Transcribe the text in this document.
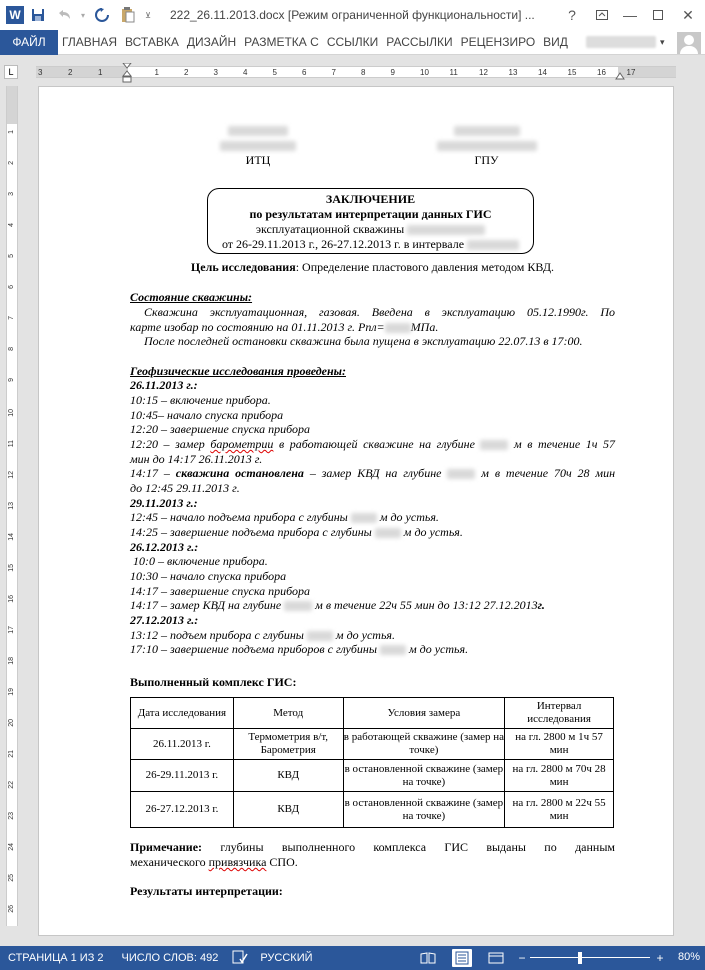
W	▾	⊻ 222_26.11.2013.docx [Режим ограниченной функциональности] ...	?	—	✕
ФАЙЛ	ГЛАВНАЯ ВСТАВКА ДИЗАЙН РАЗМЕТКА С ССЫЛКИ РАССЫЛКИ РЕЦЕНЗИРО ВИД	▾
L	3	2	1	1	2	3	4	5	6	7	8	9	10	11	12	13	14	15	16	17
1
2
3
4
5
6
7
8
9
10
11
12
13
14
15
16
17
18
19
20
21
22
23
24
25
26

ИТЦ	ГПУ
ЗАКЛЮЧЕНИЕ
по результатам интерпретации данных ГИС
эксплуатационной скважины
от 26-29.11.2013 г., 26-27.12.2013 г. в интервале
Цель исследования: Определение пластового давления методом КВД.
Состояние скважины:
Скважина эксплуатационная, газовая. Введена в эксплуатацию 05.12.1990г. По
карте изобар по состоянию на 01.11.2013 г. Рпл= МПа.
После последней остановки скважина была пущена в эксплуатацию 22.07.13 в 17:00.
Геофизические исследования проведены:
26.11.2013 г.:
10:15 – включение прибора.
10:45– начало спуска прибора
12:20 – завершение спуска прибора
12:20 – замер барометрии в работающей скважине на глубине	м в течение 1ч 57
мин до 14:17 26.11.2013 г.
14:17 – скважина остановлена – замер КВД на глубине	м в течение 70ч 28 мин
до 12:45 29.11.2013 г.
29.11.2013 г.:
12:45 – начало подъема прибора с глубины	м до устья.
14:25 – завершение подъема прибора с глубины	м до устья.
26.12.2013 г.:
10:0 – включение прибора.
10:30 – начало спуска прибора
14:17 – завершение спуска прибора
14:17 – замер КВД на глубине	м в течение 22ч 55 мин до 13:12 27.12.2013г.
27.12.2013 г.:
13:12 – подъем прибора с глубины	м до устья.
17:10 – завершение подъема приборов с глубины	м до устья.
Выполненный комплекс ГИС:
Дата исследования	Метод	Условия замера	Интервал исследования
26.11.2013 г.	Термометрия в/т, Барометрия	в работающей скважине (замер на точке)	на гл. 2800 м 1ч 57 мин
26-29.11.2013 г.	КВД	в остановленной скважине (замер на точке)	на гл. 2800 м 70ч 28 мин
26-27.12.2013 г.	КВД	в остановленной скважине (замер на точке)	на гл. 2800 м 22ч 55 мин
Примечание: глубины выполненного комплекса ГИС выданы по данным
механического привязчика СПО.
Результаты интерпретации:
СТРАНИЦА 1 ИЗ 2 ЧИСЛО СЛОВ: 492	РУССКИЙ	−	+	80%
